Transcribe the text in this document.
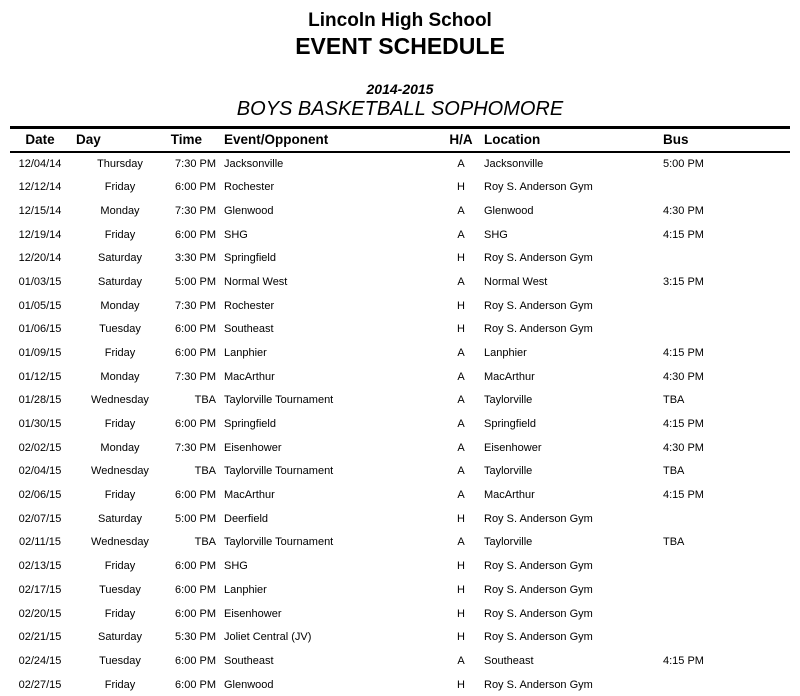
Lincoln High School
EVENT SCHEDULE
2014-2015
BOYS BASKETBALL SOPHOMORE
Date	Day	Time	Event/Opponent	H/A	Location	Bus
12/04/14	Thursday	7:30 PM	Jacksonville	A	Jacksonville	5:00 PM
12/12/14	Friday	6:00 PM	Rochester	H	Roy S. Anderson Gym	
12/15/14	Monday	7:30 PM	Glenwood	A	Glenwood	4:30 PM
12/19/14	Friday	6:00 PM	SHG	A	SHG	4:15 PM
12/20/14	Saturday	3:30 PM	Springfield	H	Roy S. Anderson Gym	
01/03/15	Saturday	5:00 PM	Normal West	A	Normal West	3:15 PM
01/05/15	Monday	7:30 PM	Rochester	H	Roy S. Anderson Gym	
01/06/15	Tuesday	6:00 PM	Southeast	H	Roy S. Anderson Gym	
01/09/15	Friday	6:00 PM	Lanphier	A	Lanphier	4:15 PM
01/12/15	Monday	7:30 PM	MacArthur	A	MacArthur	4:30 PM
01/28/15	Wednesday	TBA	Taylorville Tournament	A	Taylorville	TBA
01/30/15	Friday	6:00 PM	Springfield	A	Springfield	4:15 PM
02/02/15	Monday	7:30 PM	Eisenhower	A	Eisenhower	4:30 PM
02/04/15	Wednesday	TBA	Taylorville Tournament	A	Taylorville	TBA
02/06/15	Friday	6:00 PM	MacArthur	A	MacArthur	4:15 PM
02/07/15	Saturday	5:00 PM	Deerfield	H	Roy S. Anderson Gym	
02/11/15	Wednesday	TBA	Taylorville Tournament	A	Taylorville	TBA
02/13/15	Friday	6:00 PM	SHG	H	Roy S. Anderson Gym	
02/17/15	Tuesday	6:00 PM	Lanphier	H	Roy S. Anderson Gym	
02/20/15	Friday	6:00 PM	Eisenhower	H	Roy S. Anderson Gym	
02/21/15	Saturday	5:30 PM	Joliet Central (JV)	H	Roy S. Anderson Gym	
02/24/15	Tuesday	6:00 PM	Southeast	A	Southeast	4:15 PM
02/27/15	Friday	6:00 PM	Glenwood	H	Roy S. Anderson Gym	
